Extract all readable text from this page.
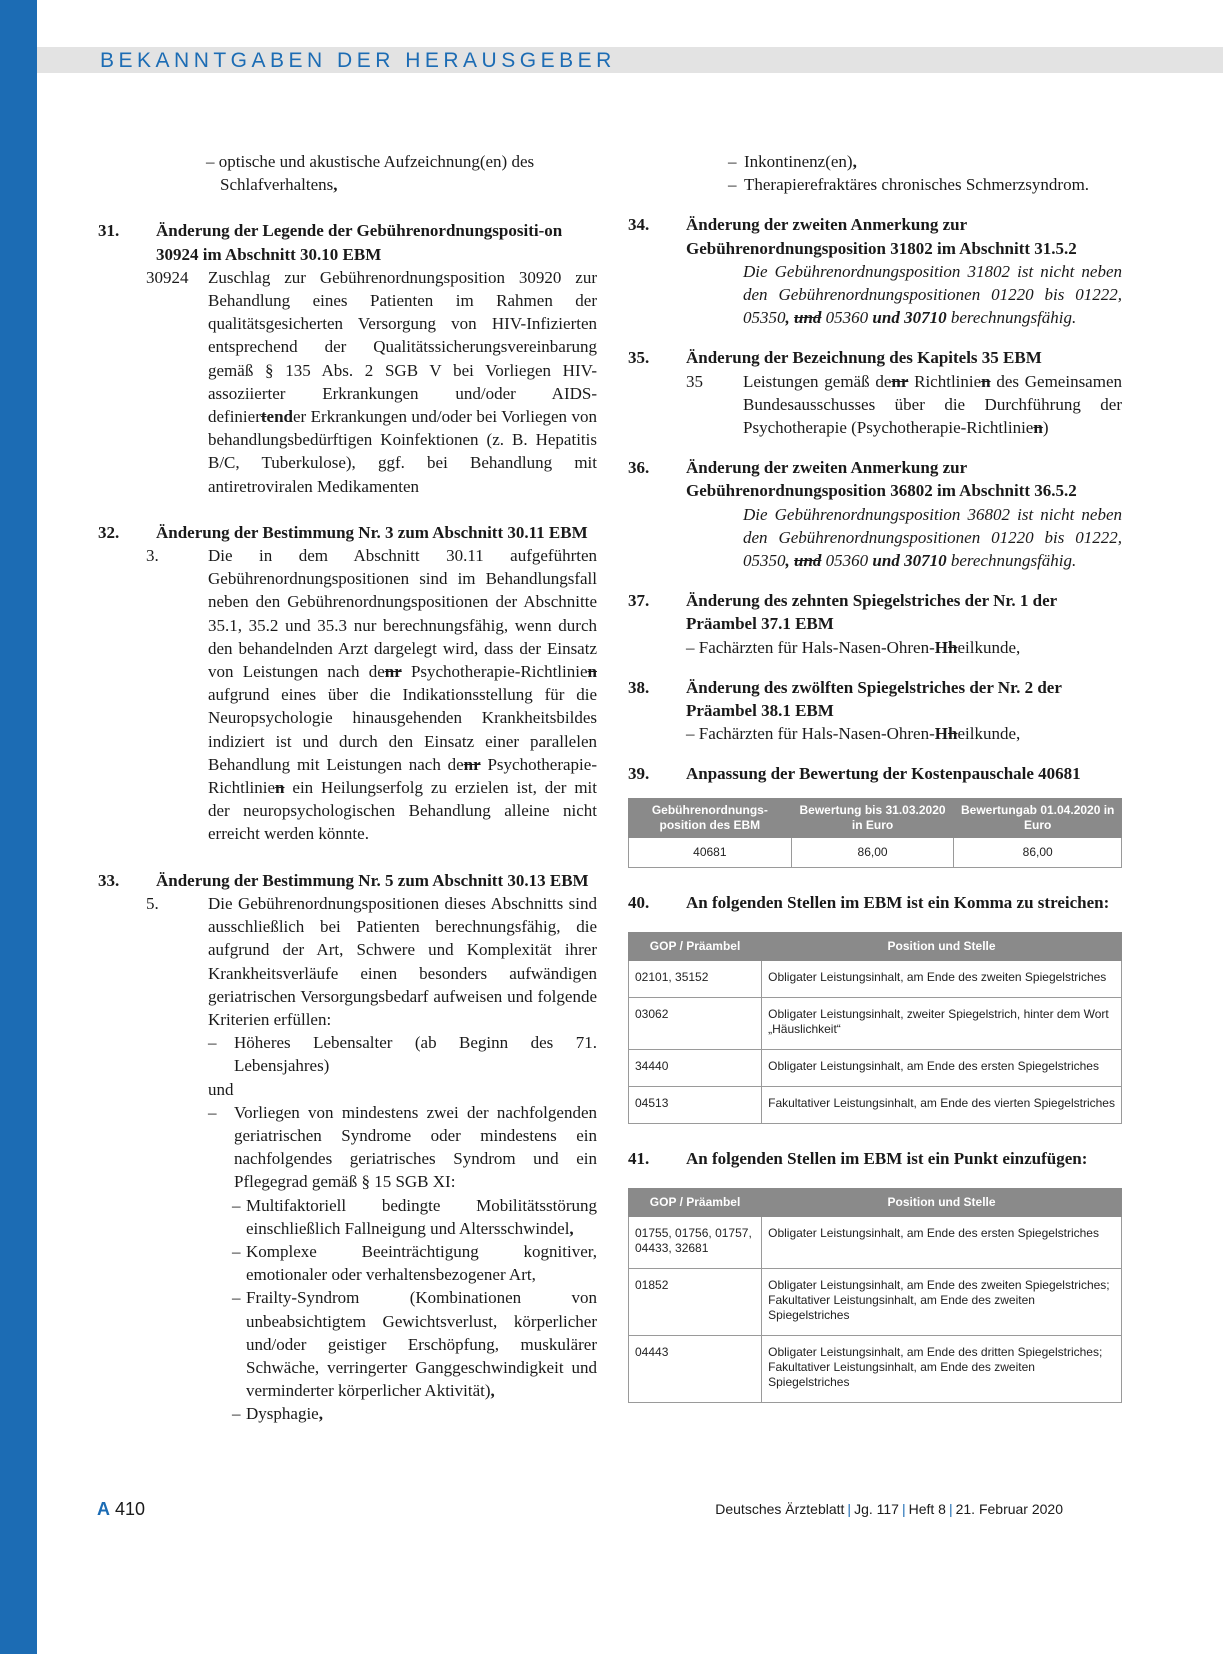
BEKANNTGABEN DER HERAUSGEBER
– optische und akustische Aufzeichnung(en) des
Schlafverhaltens,
31.	Änderung der Legende der Gebührenordnungspositi-on 30924 im Abschnitt 30.10 EBM
30924	Zuschlag zur Gebührenordnungsposition 30920 zur Behandlung eines Patienten im Rahmen der qualitätsgesicherten Versorgung von HIV-Infizierten entsprechend der Qualitätssicherungsvereinbarung gemäß § 135 Abs. 2 SGB V bei Vorliegen HIV-assoziierter Erkrankungen und/oder AIDS-definiertender Erkrankungen und/oder bei Vorliegen von behandlungsbedürftigen Koinfektionen (z. B. Hepatitis B/C, Tuberkulose), ggf. bei Behandlung mit antiretroviralen Medikamenten
32.	Änderung der Bestimmung Nr. 3 zum Abschnitt 30.11 EBM
3.	Die in dem Abschnitt 30.11 aufgeführten Gebührenordnungspositionen sind im Behandlungsfall neben den Gebührenordnungspositionen der Abschnitte 35.1, 35.2 und 35.3 nur berechnungsfähig, wenn durch den behandelnden Arzt dargelegt wird, dass der Einsatz von Leistungen nach denr Psychotherapie-Richtlinien aufgrund eines über die Indikationsstellung für die Neuropsychologie hinausgehenden Krankheitsbildes indiziert ist und durch den Einsatz einer parallelen Behandlung mit Leistungen nach denr Psychotherapie-Richtlinien ein Heilungserfolg zu erzielen ist, der mit der neuropsychologischen Behandlung alleine nicht erreicht werden könnte.
33.	Änderung der Bestimmung Nr. 5 zum Abschnitt 30.13 EBM
5.	Die Gebührenordnungspositionen dieses Abschnitts sind ausschließlich bei Patienten berechnungsfähig, die aufgrund der Art, Schwere und Komplexität ihrer Krankheitsverläufe einen besonders aufwändigen geriatrischen Versorgungsbedarf aufweisen und folgende Kriterien erfüllen:
–	Höheres Lebensalter (ab Beginn des 71. Lebensjahres)
und
–	Vorliegen von mindestens zwei der nachfolgenden geriatrischen Syndrome oder mindestens ein nachfolgendes geriatrisches Syndrom und ein Pflegegrad gemäß § 15 SGB XI:
– Multifaktoriell bedingte Mobilitätsstörung einschließlich Fallneigung und Altersschwindel,
– Komplexe Beeinträchtigung kognitiver, emotionaler oder verhaltensbezogener Art,
– Frailty-Syndrom (Kombinationen von unbeabsichtigtem Gewichtsverlust, körperlicher und/oder geistiger Erschöpfung, muskulärer Schwäche, verringerter Ganggeschwindigkeit und verminderter körperlicher Aktivität),
– Dysphagie,
– Inkontinenz(en),
– Therapierefraktäres chronisches Schmerzsyndrom.
34.	Änderung der zweiten Anmerkung zur Gebührenordnungsposition 31802 im Abschnitt 31.5.2
Die Gebührenordnungsposition 31802 ist nicht neben den Gebührenordnungspositionen 01220 bis 01222, 05350, und 05360 und 30710 berechnungsfähig.
35.	Änderung der Bezeichnung des Kapitels 35 EBM
35	Leistungen gemäß denr Richtlinien des Gemeinsamen Bundesausschusses über die Durchführung der Psychotherapie (Psychotherapie-Richtlinien)
36.	Änderung der zweiten Anmerkung zur Gebührenordnungsposition 36802 im Abschnitt 36.5.2
Die Gebührenordnungsposition 36802 ist nicht neben den Gebührenordnungspositionen 01220 bis 01222, 05350, und 05360 und 30710 berechnungsfähig.
37.	Änderung des zehnten Spiegelstriches der Nr. 1 der Präambel 37.1 EBM
– Fachärzten für Hals-Nasen-Ohren-Hheilkunde,
38.	Änderung des zwölften Spiegelstriches der Nr. 2 der Präambel 38.1 EBM
– Fachärzten für Hals-Nasen-Ohren-Hheilkunde,
39.	Anpassung der Bewertung der Kostenpauschale 40681
Gebührenordnungs-position des EBM	Bewertung bis 31.03.2020 in Euro	Bewertungab 01.04.2020 in Euro
40681	86,00	86,00
40.	An folgenden Stellen im EBM ist ein Komma zu streichen:
GOP / Präambel	Position und Stelle
02101, 35152	Obligater Leistungsinhalt, am Ende des zweiten Spiegelstriches
03062	Obligater Leistungsinhalt, zweiter Spiegelstrich, hinter dem Wort „Häuslichkeit“
34440	Obligater Leistungsinhalt, am Ende des ersten Spiegelstriches
04513	Fakultativer Leistungsinhalt, am Ende des vierten Spiegelstriches
41.	An folgenden Stellen im EBM ist ein Punkt einzufügen:
GOP / Präambel	Position und Stelle
01755, 01756, 01757, 04433, 32681	Obligater Leistungsinhalt, am Ende des ersten Spiegelstriches
01852	Obligater Leistungsinhalt, am Ende des zweiten Spiegelstriches; Fakultativer Leistungsinhalt, am Ende des zweiten Spiegelstriches
04443	Obligater Leistungsinhalt, am Ende des dritten Spiegelstriches; Fakultativer Leistungsinhalt, am Ende des zweiten Spiegelstriches
A 410	Deutsches Ärzteblatt | Jg. 117 | Heft 8 | 21. Februar 2020
